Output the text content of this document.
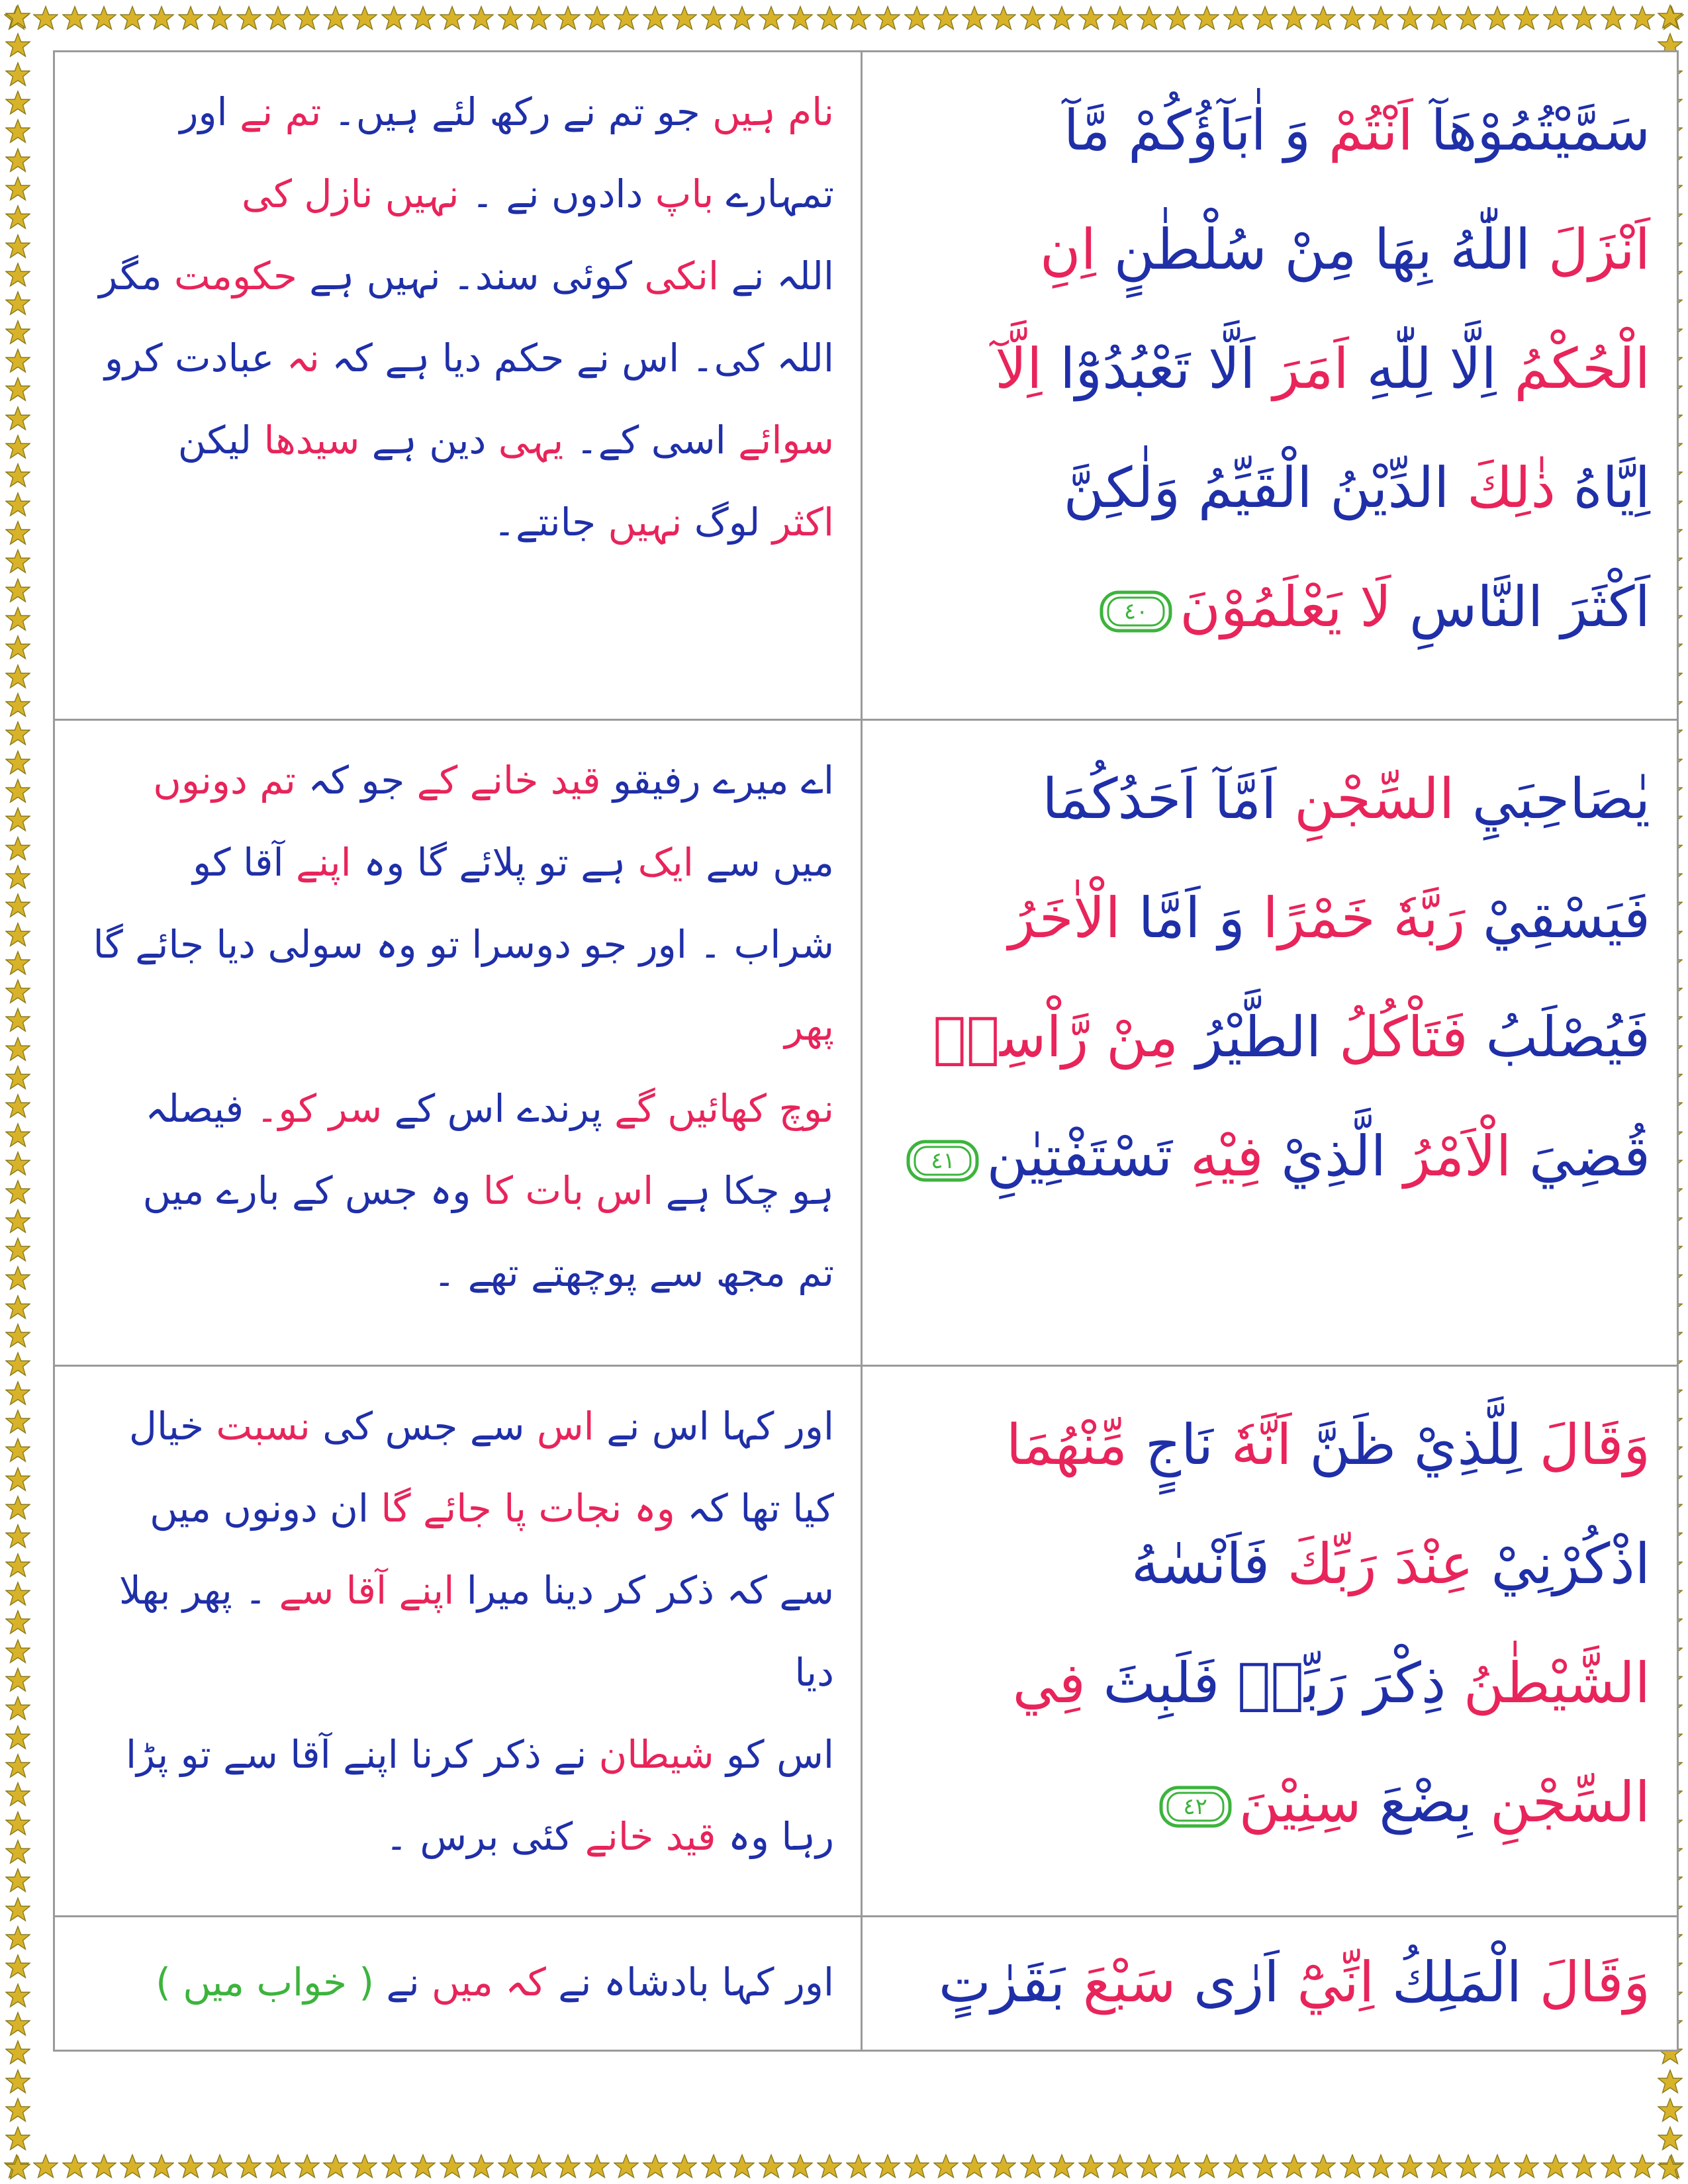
نام ہیں جو تم نے رکھ لئے ہیں۔ تم نے اور
تمہارے باپ دادوں نے ۔ نہیں نازل کی
اللہ نے انکی کوئی سند۔ نہیں ہے حکومت مگر
اللہ کی۔ اس نے حکم دیا ہے کہ نہ عبادت کرو
سوائے اسی کے۔ یہی دین ہے سیدھا لیکن
اکثر لوگ نہیں جانتے۔
سَمَّيْتُمُوْهَآ اَنْتُمْ وَ اٰبَآؤُكُمْ مَّآ
اَنْزَلَ اللّٰهُ بِهَا مِنْ سُلْطٰنٍ اِنِ
الْحُكْمُ اِلَّا لِلّٰهِ اَمَرَ اَلَّا تَعْبُدُوْٓا اِلَّآ
اِيَّاهُ ذٰلِكَ الدِّيْنُ الْقَيِّمُ وَلٰكِنَّ
اَكْثَرَ النَّاسِ لَا يَعْلَمُوْنَ
٤٠
اے میرے رفیقو قید خانے کے جو کہ تم دونوں
میں سے ایک ہے تو پلائے گا وہ اپنے آقا کو
شراب ۔ اور جو دوسرا تو وہ سولی دیا جائے گا پھر
نوچ کھائیں گے پرندے اس کے سر کو۔ فیصلہ
ہو چکا ہے اس بات کا وہ جس کے بارے میں
تم مجھ سے پوچھتے تھے ۔
يٰصَاحِبَيِ السِّجْنِ اَمَّآ اَحَدُكُمَا
فَيَسْقِيْ رَبَّهٗ خَمْرًا وَ اَمَّا الْاٰخَرُ
فَيُصْلَبُ فَتَاْكُلُ الطَّيْرُ مِنْ رَّاْسِهٖ
قُضِيَ الْاَمْرُ الَّذِيْ فِيْهِ تَسْتَفْتِيٰنِ
٤١
اور کہا اس نے اس سے جس کی نسبت خیال
کیا تھا کہ وہ نجات پا جائے گا ان دونوں میں
سے کہ ذکر کر دینا میرا اپنے آقا سے ۔ پھر بھلا دیا
اس کو شیطان نے ذکر کرنا اپنے آقا سے تو پڑا
رہا وہ قید خانے کئی برس ۔
وَقَالَ لِلَّذِيْ ظَنَّ اَنَّهٗ نَاجٍ مِّنْهُمَا
اذْكُرْنِيْ عِنْدَ رَبِّكَ فَاَنْسٰهُ
الشَّيْطٰنُ ذِكْرَ رَبِّهٖ فَلَبِثَ فِي
السِّجْنِ بِضْعَ سِنِيْنَ
٤٢
اور کہا بادشاہ نے کہ میں نے ( خواب میں )	وَقَالَ الْمَلِكُ اِنِّيْٓ اَرٰى سَبْعَ بَقَرٰتٍ
